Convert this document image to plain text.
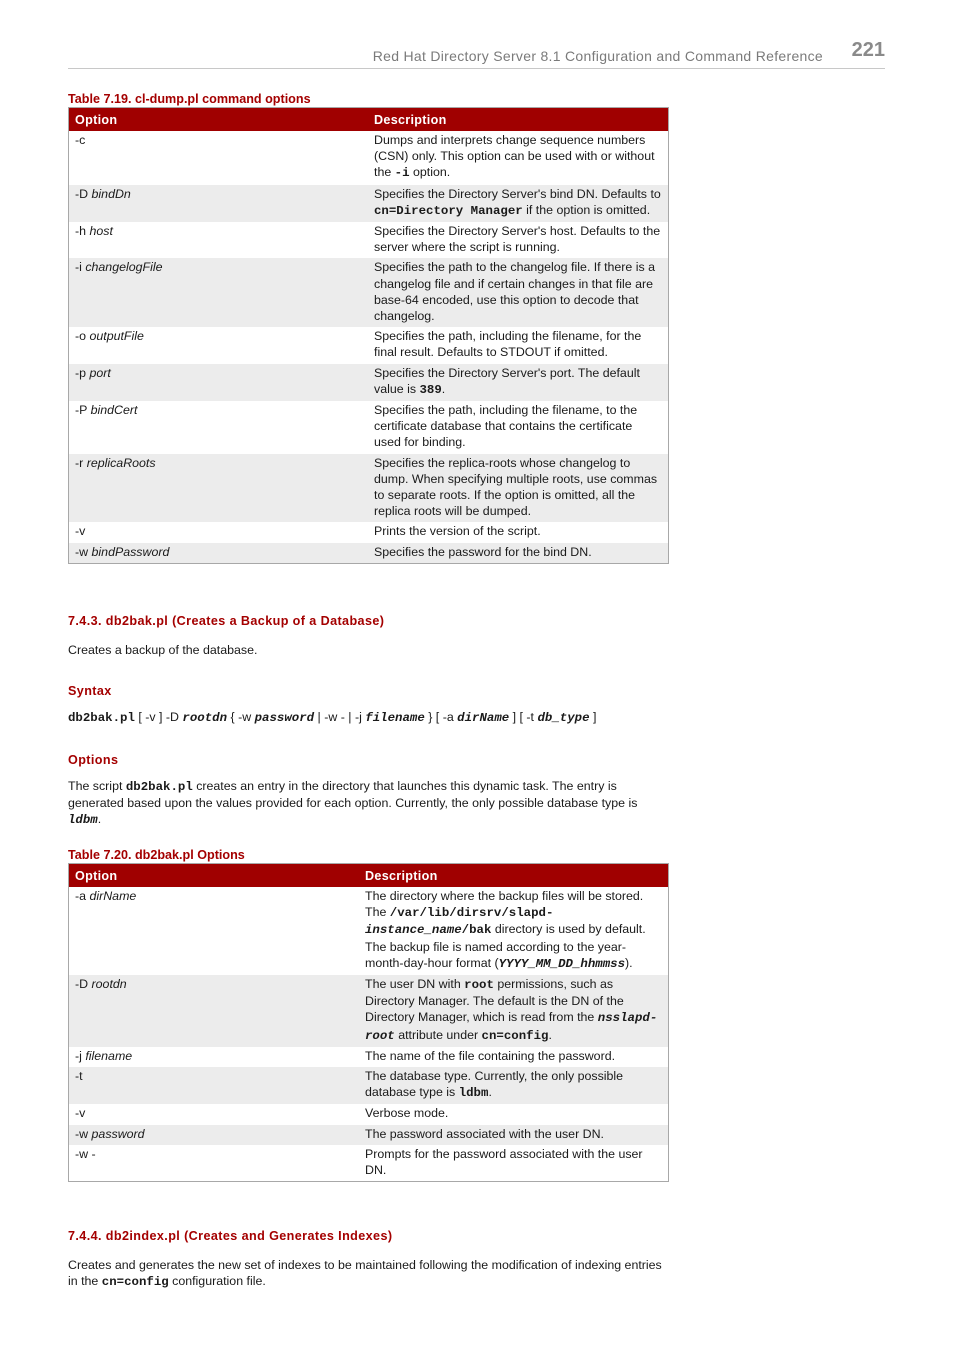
Red Hat Directory Server 8.1 Configuration and Command Reference 221
Table 7.19. cl-dump.pl command options
Option	Description
-c	Dumps and interprets change sequence numbers (CSN) only. This option can be used with or without the -i option.
-D bindDn	Specifies the Directory Server's bind DN. Defaults to cn=Directory Manager if the option is omitted.
-h host	Specifies the Directory Server's host. Defaults to the server where the script is running.
-i changelogFile	Specifies the path to the changelog file. If there is a changelog file and if certain changes in that file are base-64 encoded, use this option to decode that changelog.
-o outputFile	Specifies the path, including the filename, for the final result. Defaults to STDOUT if omitted.
-p port	Specifies the Directory Server's port. The default value is 389.
-P bindCert	Specifies the path, including the filename, to the certificate database that contains the certificate used for binding.
-r replicaRoots	Specifies the replica-roots whose changelog to dump. When specifying multiple roots, use commas to separate roots. If the option is omitted, all the replica roots will be dumped.
-v	Prints the version of the script.
-w bindPassword	Specifies the password for the bind DN.
7.4.3. db2bak.pl (Creates a Backup of a Database)
Creates a backup of the database.
Syntax
db2bak.pl [ -v ] -D rootdn { -w password | -w - | -j filename } [ -a dirName ] [ -t db_type ]
Options
The script db2bak.pl creates an entry in the directory that launches this dynamic task. The entry is generated based upon the values provided for each option. Currently, the only possible database type is ldbm.
Table 7.20. db2bak.pl Options
Option	Description
-a dirName	The directory where the backup files will be stored. The /var/lib/dirsrv/slapd-instance_name/bak directory is used by default. The backup file is named according to the year-month-day-hour format (YYYY_MM_DD_hhmmss).
-D rootdn	The user DN with root permissions, such as Directory Manager. The default is the DN of the Directory Manager, which is read from the nsslapd-root attribute under cn=config.
-j filename	The name of the file containing the password.
-t	The database type. Currently, the only possible database type is ldbm.
-v	Verbose mode.
-w password	The password associated with the user DN.
-w -	Prompts for the password associated with the user DN.
7.4.4. db2index.pl (Creates and Generates Indexes)
Creates and generates the new set of indexes to be maintained following the modification of indexing entries in the cn=config configuration file.
